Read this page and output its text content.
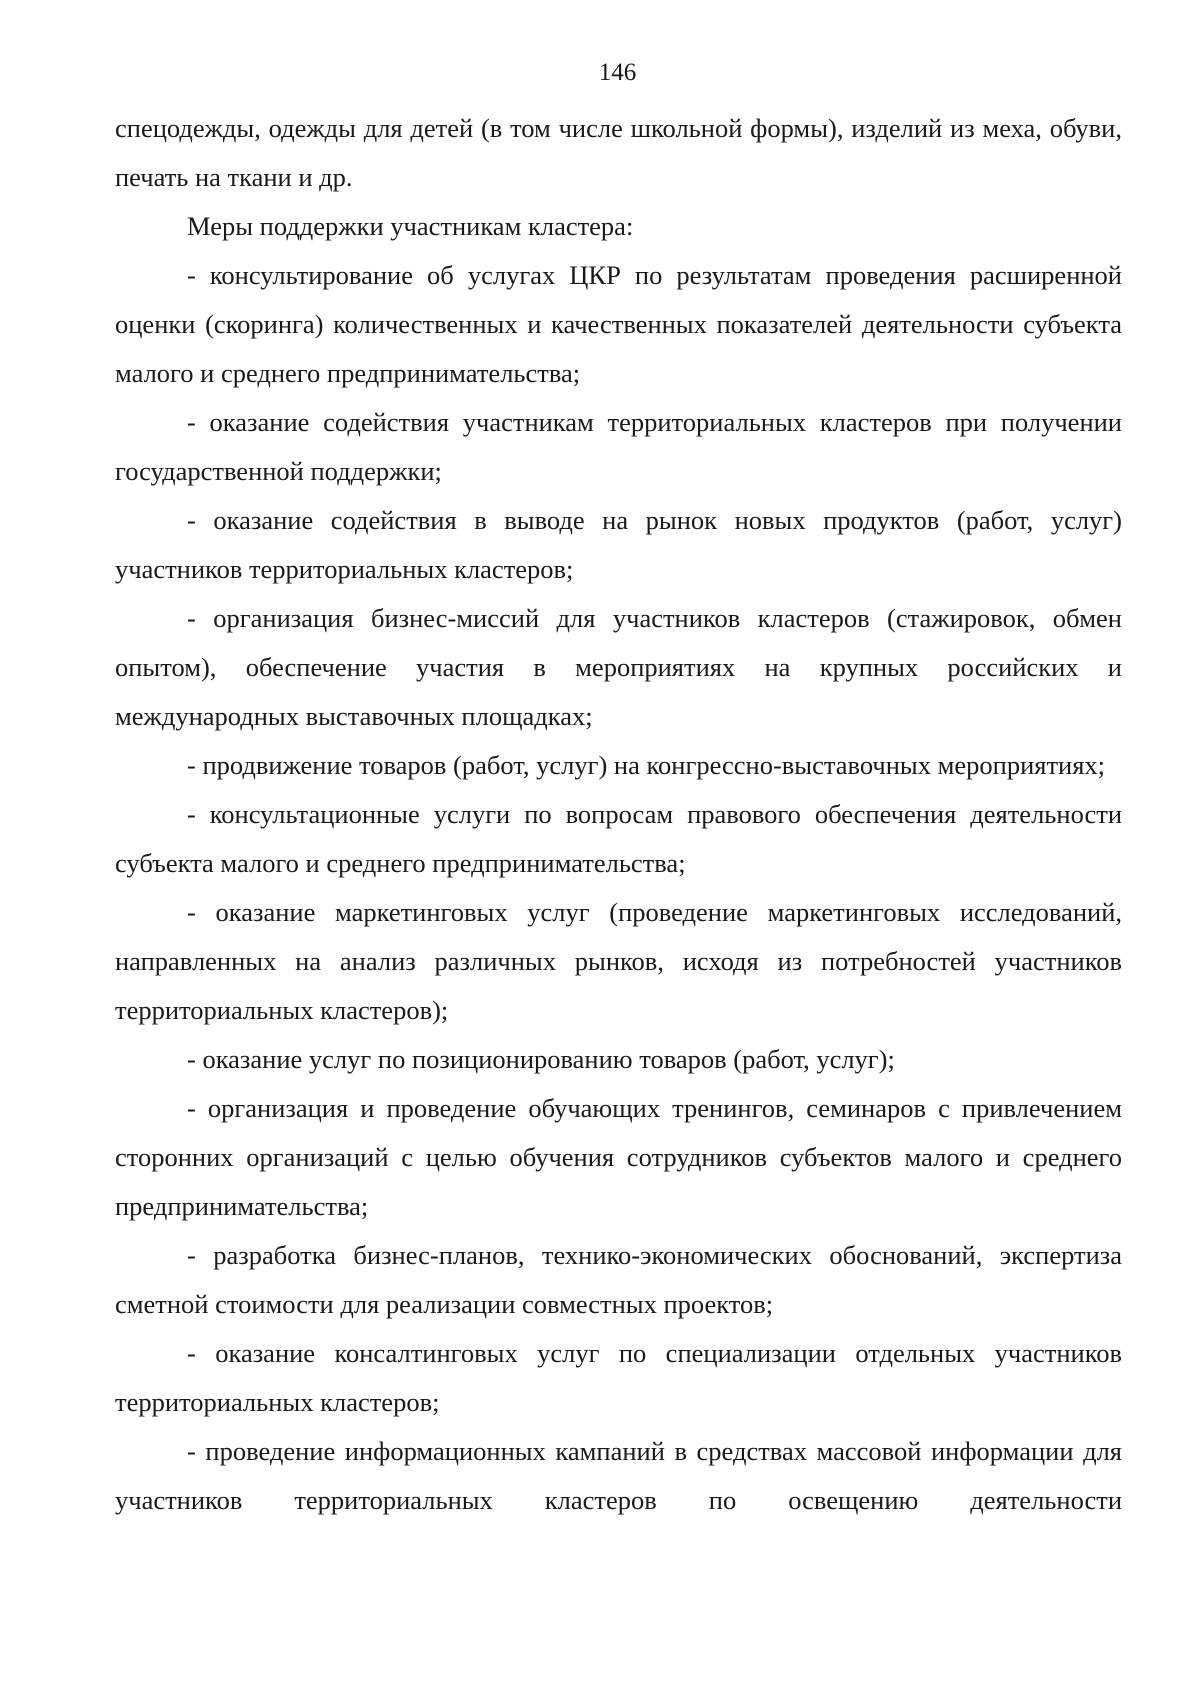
146

спецодежды, одежды для детей (в том числе школьной формы), изделий из меха, обуви, печать на ткани и др.

Меры поддержки участникам кластера:

- консультирование об услугах ЦКР по результатам проведения расширенной оценки (скоринга) количественных и качественных показателей деятельности субъекта малого и среднего предпринимательства;

- оказание содействия участникам территориальных кластеров при получении государственной поддержки;

- оказание содействия в выводе на рынок новых продуктов (работ, услуг) участников территориальных кластеров;

- организация бизнес-миссий для участников кластеров (стажировок, обмен опытом), обеспечение участия в мероприятиях на крупных российских и международных выставочных площадках;

- продвижение товаров (работ, услуг) на конгрессно-выставочных мероприятиях;

- консультационные услуги по вопросам правового обеспечения деятельности субъекта малого и среднего предпринимательства;

- оказание маркетинговых услуг (проведение маркетинговых исследований, направленных на анализ различных рынков, исходя из потребностей участников территориальных кластеров);

- оказание услуг по позиционированию товаров (работ, услуг);

- организация и проведение обучающих тренингов, семинаров с привлечением сторонних организаций с целью обучения сотрудников субъектов малого и среднего предпринимательства;

- разработка бизнес-планов, технико-экономических обоснований, экспертиза сметной стоимости для реализации совместных проектов;

- оказание консалтинговых услуг по специализации отдельных участников территориальных кластеров;

- проведение информационных кампаний в средствах массовой информации для участников территориальных кластеров по освещению деятельности
